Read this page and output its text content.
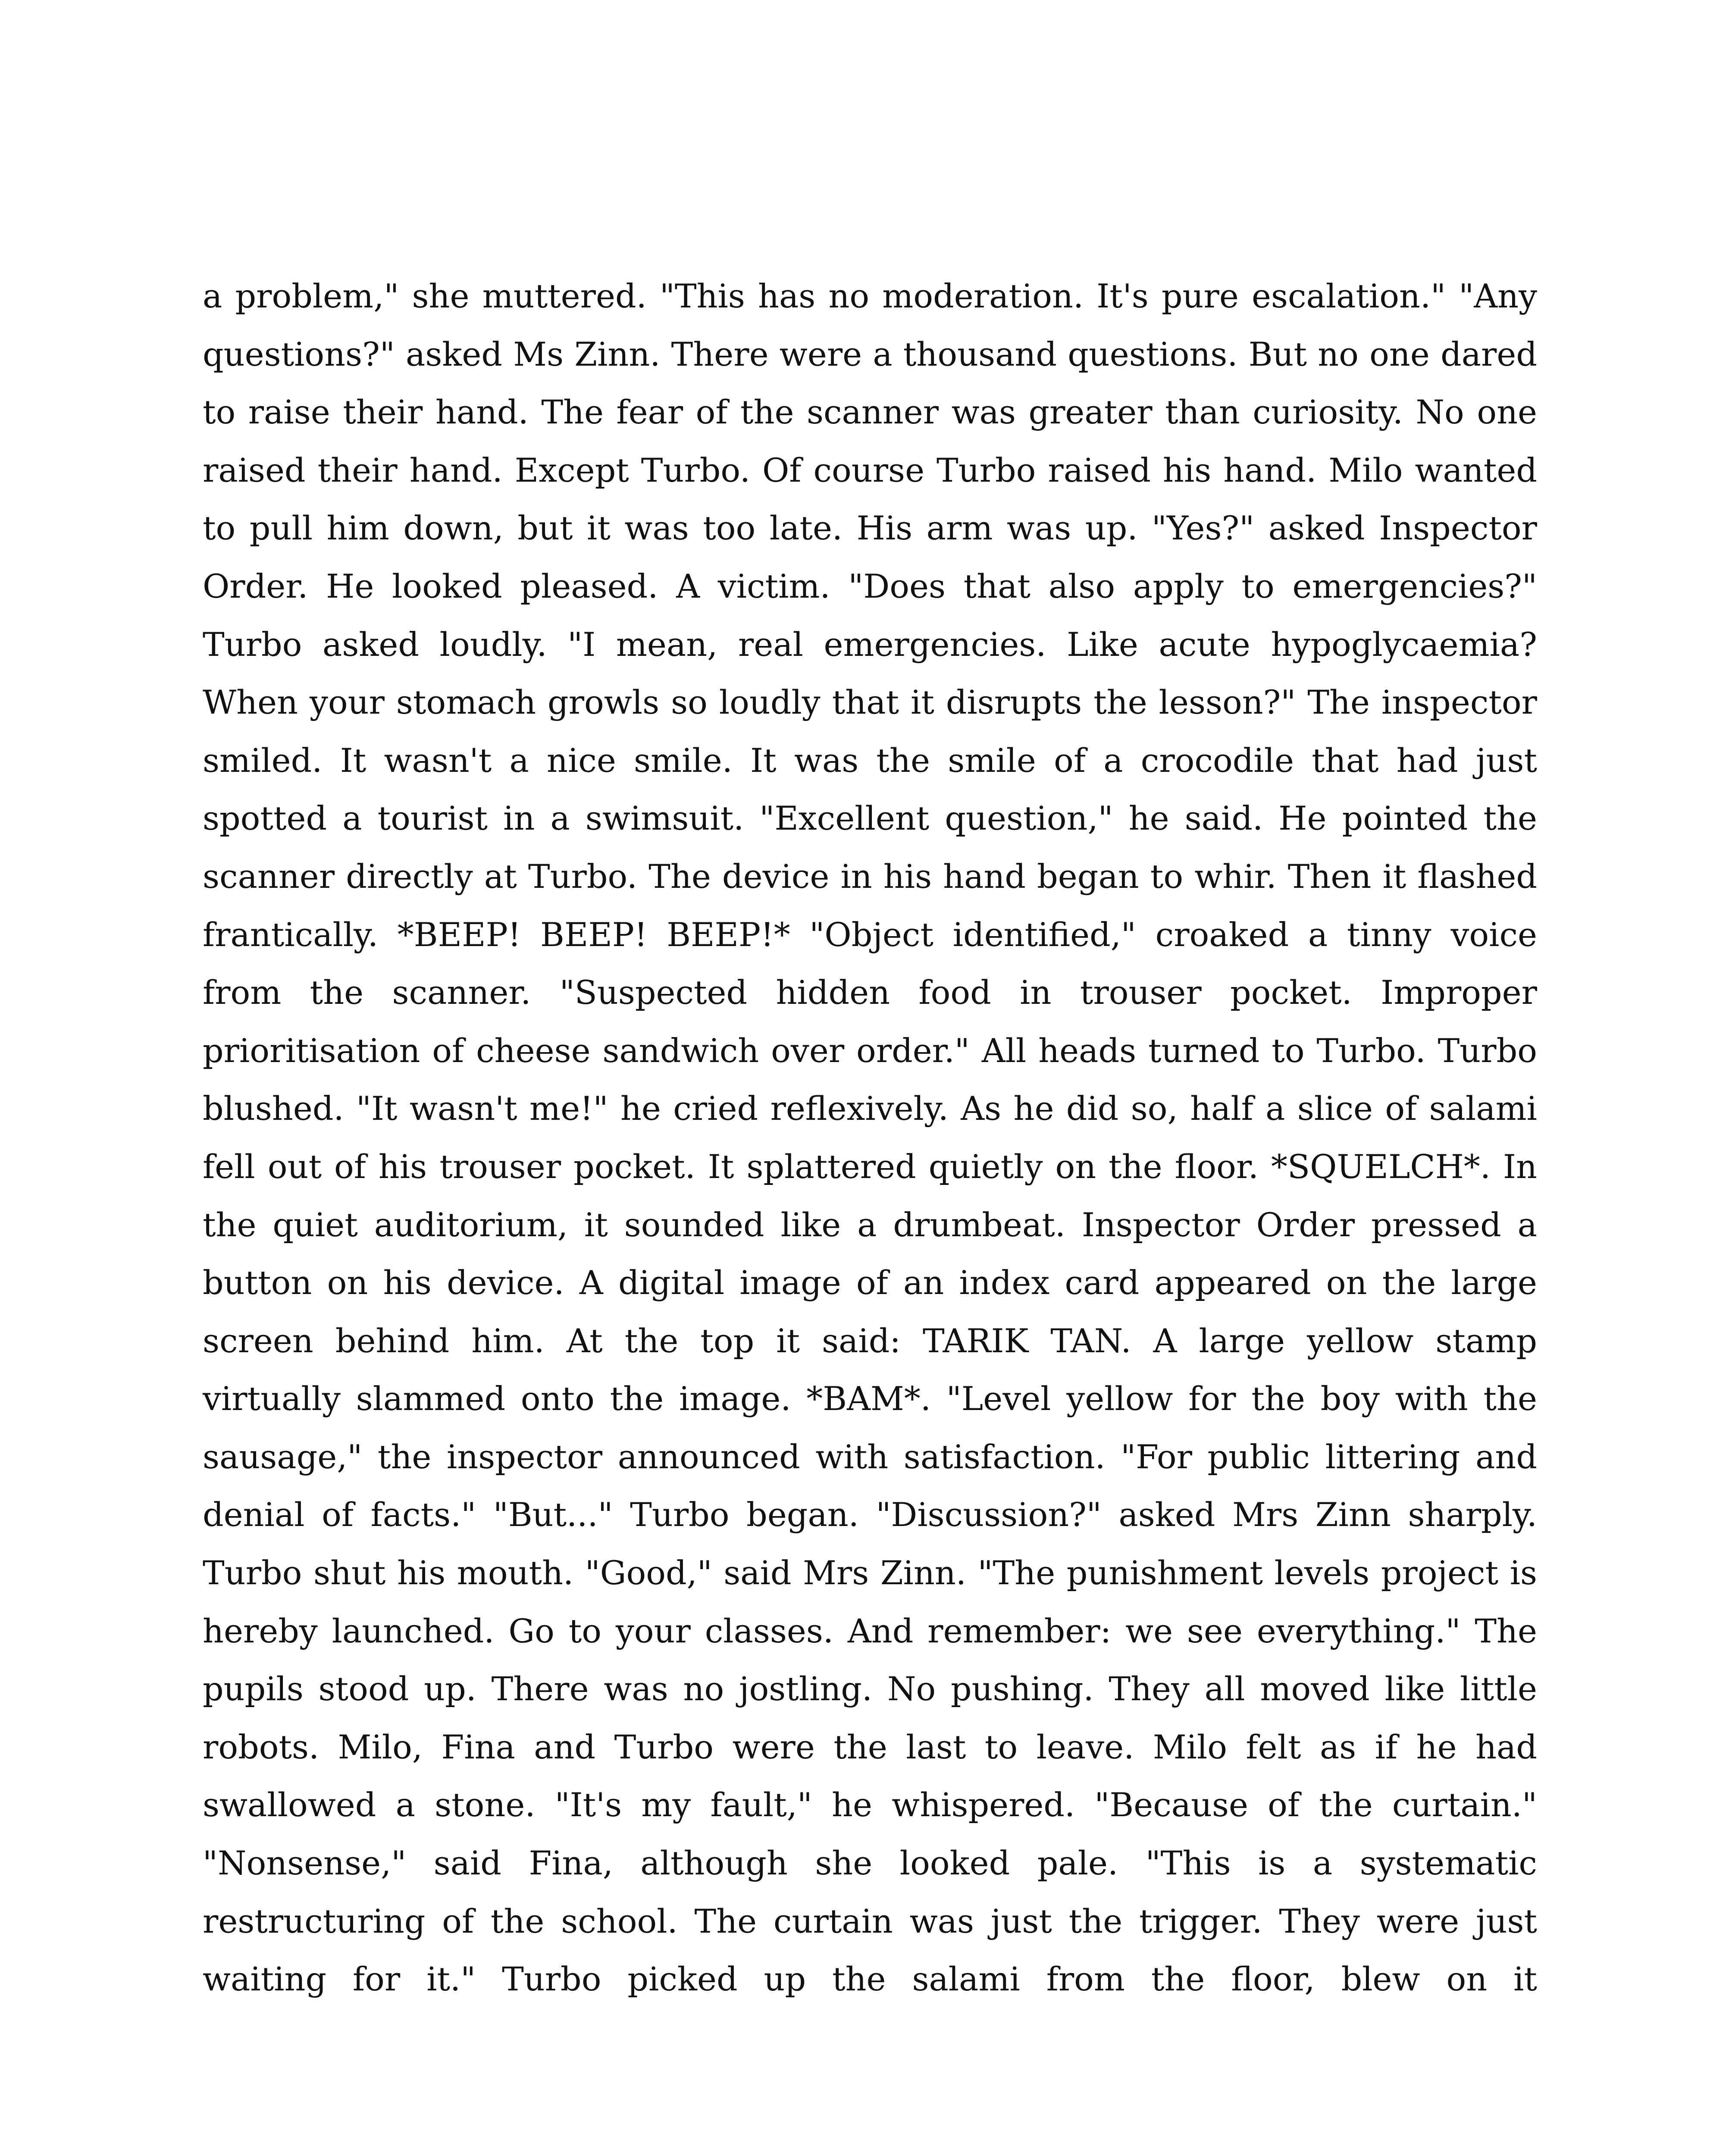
a problem," she muttered. "This has no moderation. It's pure escalation." "Any questions?" asked Ms Zinn. There were a thousand questions. But no one dared to raise their hand. The fear of the scanner was greater than curiosity. No one raised their hand. Except Turbo. Of course Turbo raised his hand. Milo wanted to pull him down, but it was too late. His arm was up. "Yes?" asked Inspector Order. He looked pleased. A victim. "Does that also apply to emergencies?" Turbo asked loudly. "I mean, real emergencies. Like acute hypoglycaemia? When your stomach growls so loudly that it disrupts the lesson?" The inspector smiled. It wasn't a nice smile. It was the smile of a crocodile that had just spotted a tourist in a swimsuit. "Excellent question," he said. He pointed the scanner directly at Turbo. The device in his hand began to whir. Then it flashed frantically. *BEEP! BEEP! BEEP!* "Object identified," croaked a tinny voice from the scanner. "Suspected hidden food in trouser pocket. Improper prioritisation of cheese sandwich over order." All heads turned to Turbo. Turbo blushed. "It wasn't me!" he cried reflexively. As he did so, half a slice of salami fell out of his trouser pocket. It splattered quietly on the floor. *SQUELCH*. In the quiet auditorium, it sounded like a drumbeat. Inspector Order pressed a button on his device. A digital image of an index card appeared on the large screen behind him. At the top it said: TARIK TAN. A large yellow stamp virtually slammed onto the image. *BAM*. "Level yellow for the boy with the sausage," the inspector announced with satisfaction. "For public littering and denial of facts." "But..." Turbo began. "Discussion?" asked Mrs Zinn sharply. Turbo shut his mouth. "Good," said Mrs Zinn. "The punishment levels project is hereby launched. Go to your classes. And remember: we see everything." The pupils stood up. There was no jostling. No pushing. They all moved like little robots. Milo, Fina and Turbo were the last to leave. Milo felt as if he had swallowed a stone. "It's my fault," he whispered. "Because of the curtain." "Nonsense," said Fina, although she looked pale. "This is a systematic restructuring of the school. The curtain was just the trigger. They were just waiting for it." Turbo picked up the salami from the floor, blew on it
